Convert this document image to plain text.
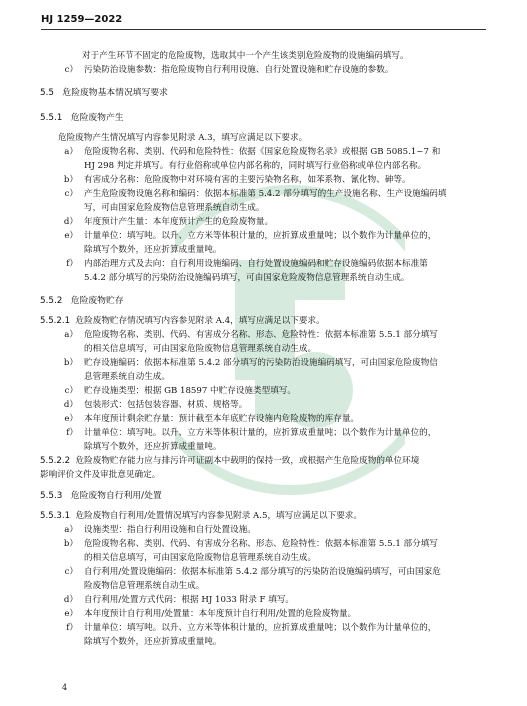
HJ 1259—2022
对于产生环节不固定的危险废物，选取其中一个产生该类别危险废物的设施编码填写。
c） 污染防治设施参数：指危险废物自行利用设施、自行处置设施和贮存设施的参数。
5.5 危险废物基本情况填写要求
5.5.1 危险废物产生
危险废物产生情况填写内容参见附录 A.3，填写应满足以下要求。
a） 危险废物名称、类别、代码和危险特性：依据《国家危险废物名录》或根据 GB 5085.1~7 和
HJ 298 判定并填写。有行业俗称或单位内部名称的，同时填写行业俗称或单位内部名称。
b） 有害成分名称：危险废物中对环境有害的主要污染物名称，如苯系物、氰化物、砷等。
c） 产生危险废物设施名称和编码：依据本标准第 5.4.2 部分填写的生产设施名称、生产设施编码填
写，可由国家危险废物信息管理系统自动生成。
d） 年度预计产生量：本年度预计产生的危险废物量。
e） 计量单位：填写吨。以升、立方米等体积计量的，应折算成重量吨；以个数作为计量单位的，
除填写个数外，还应折算成重量吨。
f） 内部治理方式及去向：自行利用设施编码、自行处置设施编码和贮存设施编码依据本标准第
5.4.2 部分填写的污染防治设施编码填写，可由国家危险废物信息管理系统自动生成。
5.5.2 危险废物贮存
5.5.2.1 危险废物贮存情况填写内容参见附录 A.4，填写应满足以下要求。
a） 危险废物名称、类别、代码、有害成分名称、形态、危险特性：依据本标准第 5.5.1 部分填写
的相关信息填写，可由国家危险废物信息管理系统自动生成。
b） 贮存设施编码：依据本标准第 5.4.2 部分填写的污染防治设施编码填写，可由国家危险废物信
息管理系统自动生成。
c） 贮存设施类型：根据 GB 18597 中贮存设施类型填写。
d） 包装形式：包括包装容器、材质、规格等。
e） 本年度预计剩余贮存量：预计截至本年底贮存设施内危险废物的库存量。
f） 计量单位：填写吨。以升、立方米等体积计量的，应折算成重量吨；以个数作为计量单位的，
除填写个数外，还应折算成重量吨。
5.5.2.2 危险废物贮存能力应与排污许可证副本中载明的保持一致，或根据产生危险废物的单位环境
影响评价文件及审批意见确定。
5.5.3 危险废物自行利用/处置
5.5.3.1 危险废物自行利用/处置情况填写内容参见附录 A.5，填写应满足以下要求。
a） 设施类型：指自行利用设施和自行处置设施。
b） 危险废物名称、类别、代码、有害成分名称、形态、危险特性：依据本标准第 5.5.1 部分填写
的相关信息填写，可由国家危险废物信息管理系统自动生成。
c） 自行利用/处置设施编码：依据本标准第 5.4.2 部分填写的污染防治设施编码填写，可由国家危
险废物信息管理系统自动生成。
d） 自行利用/处置方式代码：根据 HJ 1033 附录 F 填写。
e） 本年度预计自行利用/处置量：本年度预计自行利用/处置的危险废物量。
f） 计量单位：填写吨。以升、立方米等体积计量的，应折算成重量吨；以个数作为计量单位的，
除填写个数外，还应折算成重量吨。
4
